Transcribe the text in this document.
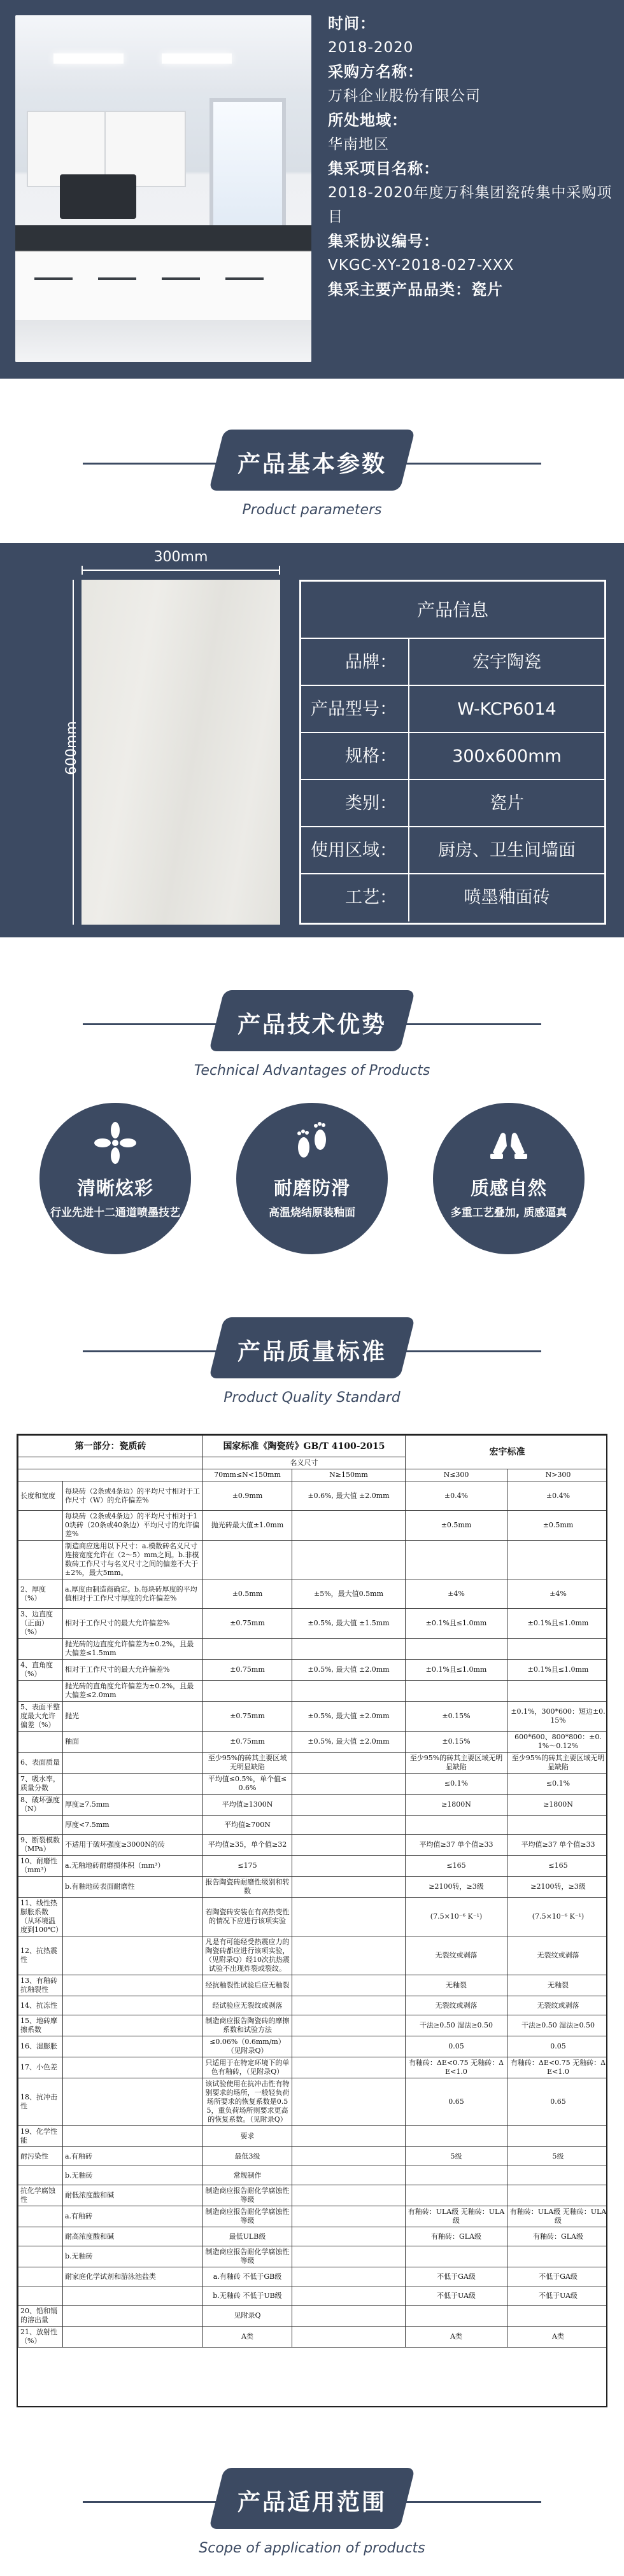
时间：
2018-2020
采购方名称：
万科企业股份有限公司
所处地域：
华南地区
集采项目名称：
2018-2020年度万科集团瓷砖集中采购项目
集采协议编号：
VKGC-XY-2018-027-XXX
集采主要产品品类：瓷片
产品基本参数
Product parameters
300mm
600mm
产品信息
品牌：	宏宇陶瓷
产品型号：	W-KCP6014
规格：	300x600mm
类别：	瓷片
使用区域：	厨房、卫生间墙面
工艺：	喷墨釉面砖
产品技术优势
Technical Advantages of Products
清晰炫彩
行业先进十二通道喷墨技艺
耐磨防滑
高温烧结原装釉面
质感自然
多重工艺叠加, 质感逼真
产品质量标准
Product Quality Standard
第一部分：瓷质砖		国家标准《陶瓷砖》GB/T 4100-2015		宏宇标准	
		名义尺寸			
		70mm≤N<150mm	N≥150mm	N≤300	N>300
长度和宽度	每块砖（2条或4条边）的平均尺寸相对于工作尺寸（W）的允许偏差%	±0.9mm	±0.6%, 最大值 ±2.0mm	±0.4%	±0.4%
	每块砖（2条或4条边）的平均尺寸相对于10块砖（20条或40条边）平均尺寸的允许偏差%	抛光砖最大值±1.0mm		±0.5mm	±0.5mm
	制造商应选用以下尺寸：a.模数砖名义尺寸连接宽度允许在（2～5）mm之间。b.非模数砖工作尺寸与名义尺寸之间的偏差不大于±2%，最大5mm。				
2、厚度（%）	a.厚度由制造商确定。b.每块砖厚度的平均值相对于工作尺寸厚度的允许偏差%	±0.5mm	±5%，最大值0.5mm	±4%	±4%
3、边直度（正面）（%）	相对于工作尺寸的最大允许偏差%	±0.75mm	±0.5%, 最大值 ±1.5mm	±0.1%且≤1.0mm	±0.1%且≤1.0mm
	抛光砖的边直度允许偏差为±0.2%，且最大偏差≤1.5mm				
4、直角度（%）	相对于工作尺寸的最大允许偏差%	±0.75mm	±0.5%, 最大值 ±2.0mm	±0.1%且≤1.0mm	±0.1%且≤1.0mm
	抛光砖的直角度允许偏差为±0.2%，且最大偏差≤2.0mm				
5、表面平整度最大允许偏差（%）	抛光	±0.75mm	±0.5%, 最大值 ±2.0mm	±0.15%	±0.1%，300*600：短边±0.15%
	釉面	±0.75mm	±0.5%, 最大值 ±2.0mm	±0.15%	600*600、800*800：±0.1%～0.12%
6、表面质量		至少95%的砖其主要区域无明显缺陷		至少95%的砖其主要区域无明显缺陷	至少95%的砖其主要区域无明显缺陷
7、吸水率，质量分数		平均值≤0.5%，单个值≤0.6%		≤0.1%	≤0.1%
8、破坏强度（N）	厚度≥7.5mm	平均值≥1300N		≥1800N	≥1800N
	厚度<7.5mm	平均值≥700N			
9、断裂模数（MPa）	不适用于破坏强度≥3000N的砖	平均值≥35，单个值≥32		平均值≥37 单个值≥33	平均值≥37 单个值≥33
10、耐磨性（mm³）	a.无釉地砖耐磨损体积（mm³）	≤175		≤165	≤165
	b.有釉地砖表面耐磨性	报告陶瓷砖耐磨性级别和转数		≥2100转，≥3级	≥2100转，≥3级
11、线性热膨胀系数（从环境温度到100℃）		若陶瓷砖安装在有高热变性的情况下应进行该项实验		(7.5×10⁻⁶ K⁻¹)	(7.5×10⁻⁶ K⁻¹)
12、抗热震性		凡是有可能经受热震应力的陶瓷砖都应进行该项实验，（见附录Q）经10次抗热震试验不出现炸裂或裂纹。		无裂纹或剥落	无裂纹或剥落
13、有釉砖抗釉裂性		经抗釉裂性试验后应无釉裂		无釉裂	无釉裂
14、抗冻性		经试验应无裂纹或剥落		无裂纹或剥落	无裂纹或剥落
15、地砖摩擦系数		制造商应报告陶瓷砖的摩擦系数和试验方法		干法≥0.50 湿法≥0.50	干法≥0.50 湿法≥0.50
16、湿膨胀		≤0.06%（0.6mm/m）（见附录Q）		0.05	0.05
17、小色差		只适用于在特定环境下的单色有釉砖，（见附录Q）		有釉砖：ΔE<0.75 无釉砖：ΔE<1.0	有釉砖：ΔE<0.75 无釉砖：ΔE<1.0
18、抗冲击性		该试验使用在抗冲击性有特别要求的场所，一般轻负荷场所要求的恢复系数是0.55，重负荷场所则要求更高的恢复系数。（见附录Q）		0.65	0.65
19、化学性能		要求			
耐污染性	a.有釉砖	最低3级		5级	5级
	b.无釉砖	常规制作			
抗化学腐蚀性	耐低浓度酸和碱	制造商应报告耐化学腐蚀性等级			
	a.有釉砖	制造商应报告耐化学腐蚀性等级		有釉砖：ULA级 无釉砖：ULA级	有釉砖：ULA级 无釉砖：ULA级
	耐高浓度酸和碱	最低ULB级		有釉砖：GLA级	有釉砖：GLA级
	b.无釉砖	制造商应报告耐化学腐蚀性等级			
	耐家庭化学试剂和游泳池盐类	a.有釉砖 不低于GB级		不低于GA级	不低于GA级
		b.无釉砖 不低于UB级		不低于UA级	不低于UA级
20、铅和镉的溶出量		见附录Q			
21、放射性（%）		A类		A类	A类
产品适用范围
Scope of application of products
